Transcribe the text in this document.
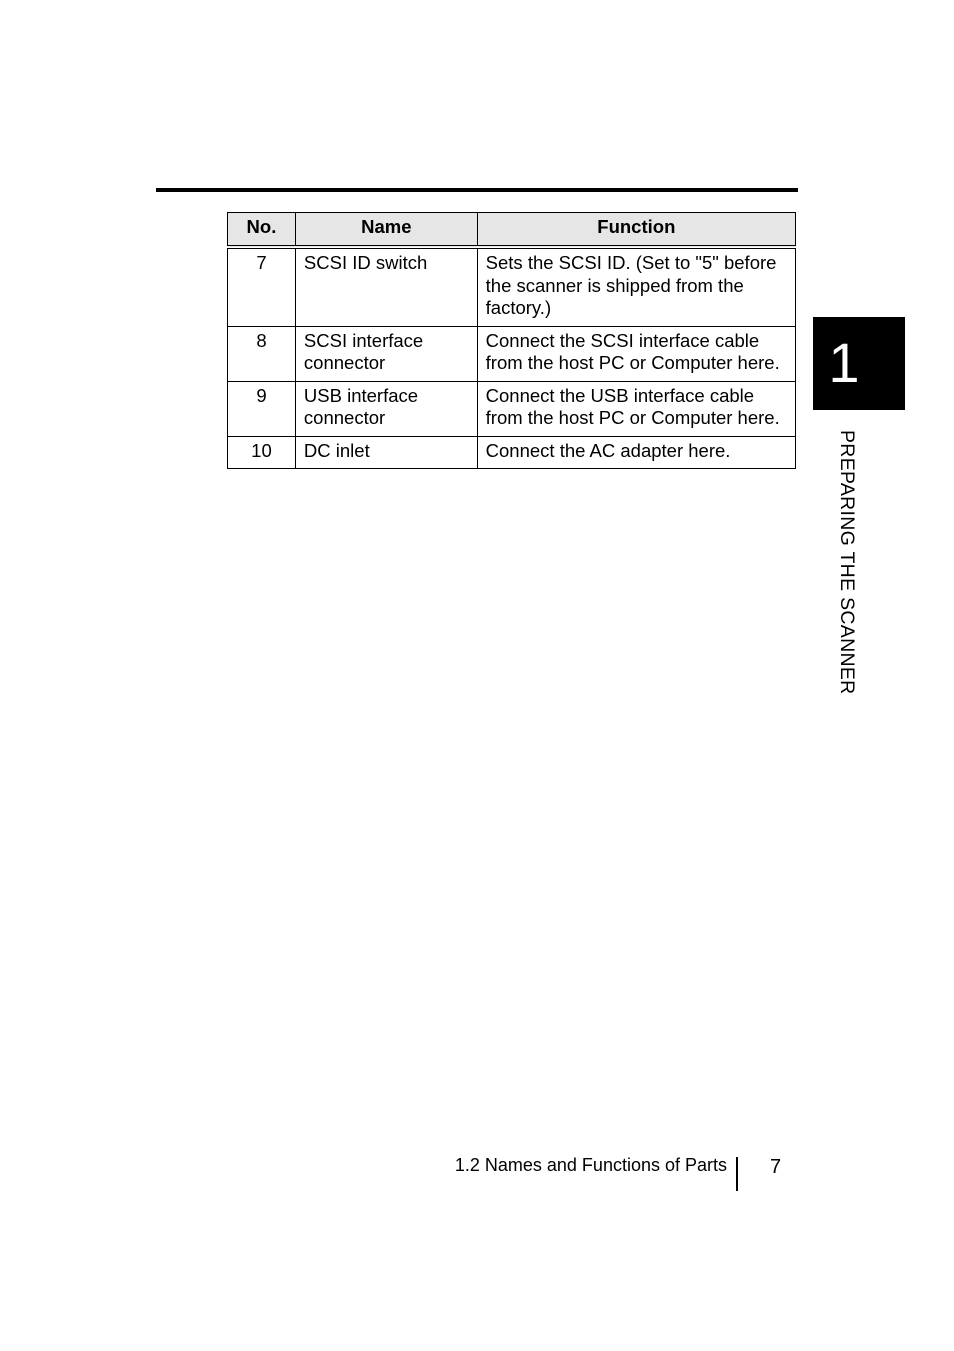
No.	Name	Function
7	SCSI ID switch	Sets the SCSI ID. (Set to "5" before the scanner is shipped from the factory.)
8	SCSI interface connector	Connect the SCSI interface cable from the host PC or Computer here.
9	USB interface connector	Connect the USB interface cable from the host PC or Computer here.
10	DC inlet	Connect the AC adapter here.
1
PREPARING THE SCANNER
1.2 Names and Functions of Parts 7
